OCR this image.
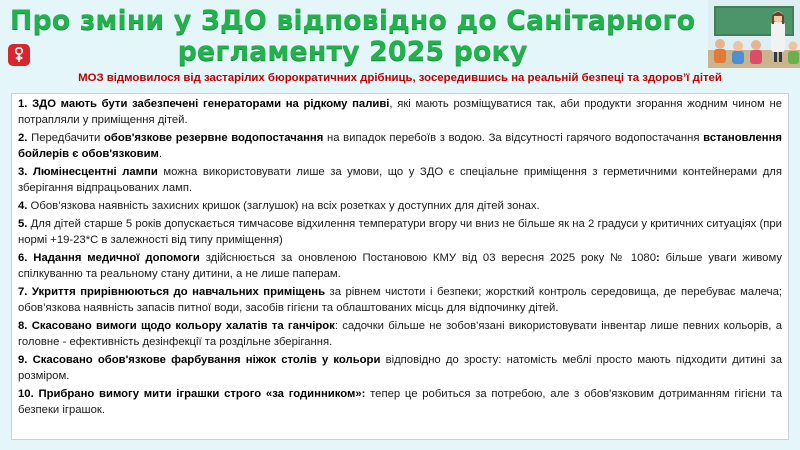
Про зміни у ЗДО відповідно до Санітарного
регламенту 2025 року
МОЗ відмовилося від застарілих бюрократичних дрібниць, зосередившись на реальній безпеці та здоров’ї дітей
1. ЗДО мають бути забезпечені генераторами на рідкому паливі, які мають розміщуватися так, аби продукти згорання жодним чином не потрапляли у приміщення дітей.
2. Передбачити обов'язкове резервне водопостачання на випадок перебоїв з водою. За відсутності гарячого водопостачання встановлення бойлерів є обов'язковим.
3. Люмінесцентні лампи можна використовувати лише за умови, що у ЗДО є спеціальне приміщення з герметичними контейнерами для зберігання відпрацьованих ламп.
4. Обов’язкова наявність захисних кришок (заглушок) на всіх розетках у доступних для дітей зонах.
5. Для дітей старше 5 років допускається тимчасове відхилення температури вгору чи вниз не більше як на 2 градуси у критичних ситуаціях (при нормі +19-23*С в залежності від типу приміщення)
6. Надання медичної допомоги здійснюється за оновленою Постановою КМУ від 03 вересня 2025 року № 1080: більше уваги живому спілкуванню та реальному стану дитини, а не лише паперам.
7. Укриття прирівнюються до навчальних приміщень за рівнем чистоти і безпеки; жорсткий контроль середовища, де перебуває малеча; обов’язкова наявність запасів питної води, засобів гігієни та облаштованих місць для відпочинку дітей.
8. Скасовано вимоги щодо кольору халатів та ганчірок: садочки більше не зобов'язані використовувати інвентар лише певних кольорів, а головне - ефективність дезінфекції та роздільне зберігання.
9. Скасовано обов'язкове фарбування ніжок столів у кольори відповідно до зросту: натомість меблі просто мають підходити дитині за розміром.
10. Прибрано вимогу мити іграшки строго «за годинником»: тепер це робиться за потребою, але з обов'язковим дотриманням гігієни та безпеки іграшок.
